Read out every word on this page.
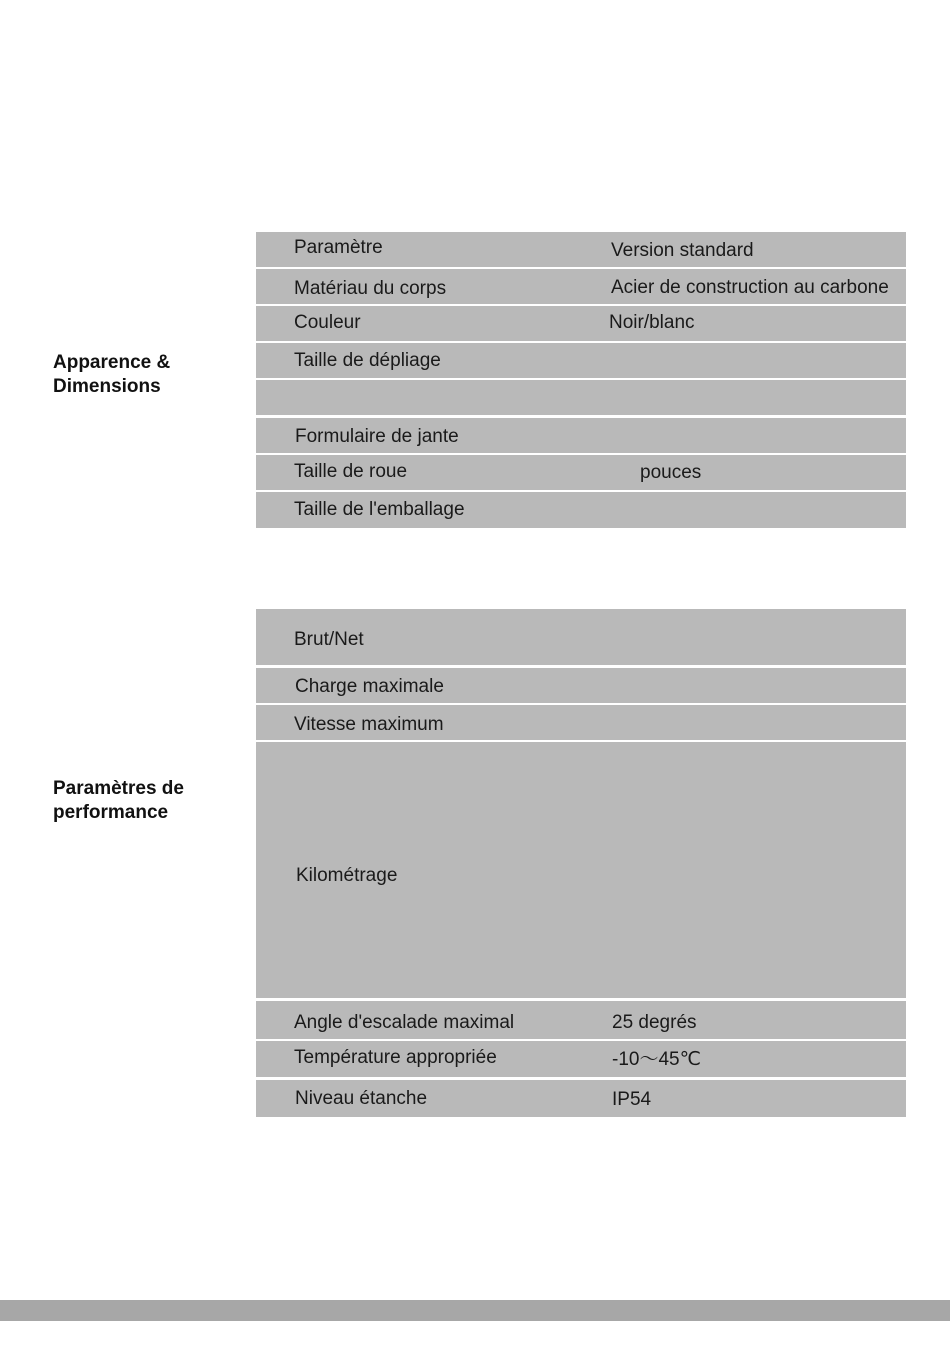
Apparence &
Dimensions
Paramètre	Version standard
Matériau du corps	Acier de construction au carbone
Couleur	Noir/blanc
Taille de dépliage
Formulaire de jante
Taille de roue	pouces
Taille de l'emballage
Paramètres de
performance
Brut/Net
Charge maximale
Vitesse maximum
Kilométrage
Angle d'escalade maximal	25 degrés
Température appropriée	-10～45℃
Niveau étanche	IP54
